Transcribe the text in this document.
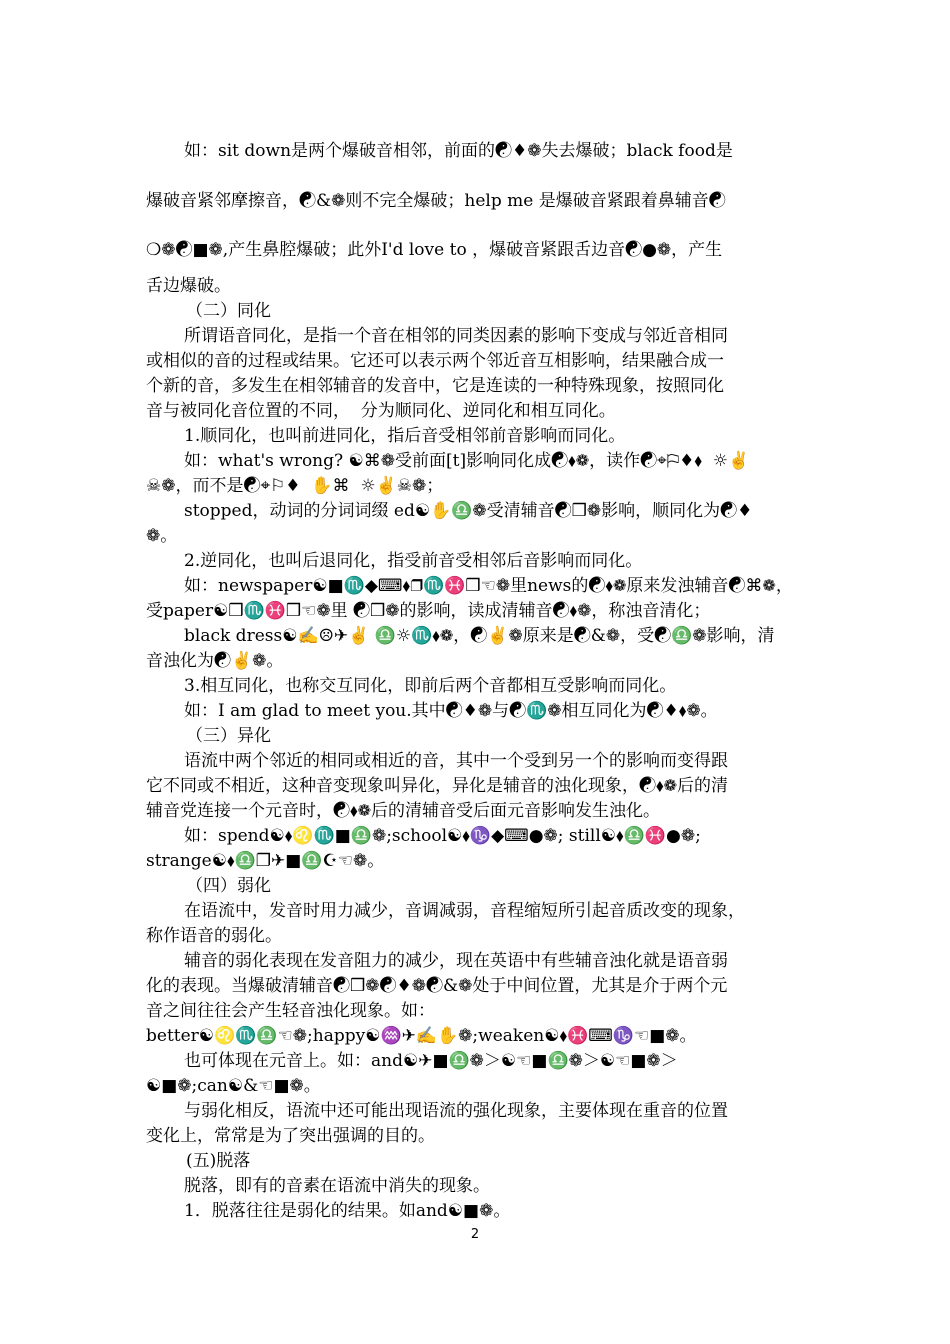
如：sit down是两个爆破音相邻，前面的☯♦❁失去爆破；black food是
爆破音紧邻摩擦音，☯&❁则不完全爆破；help me 是爆破音紧跟着鼻辅音☯
❍❁☯■❁,产生鼻腔爆破；此外I'd love to ，爆破音紧跟舌边音☯●❁，产生
舌边爆破。
（二）同化
所谓语音同化，是指一个音在相邻的同类因素的影响下变成与邻近音相同
或相似的音的过程或结果。它还可以表示两个邻近音互相影响，结果融合成一
个新的音，多发生在相邻辅音的发音中，它是连读的一种特殊现象，按照同化
音与被同化音位置的不同，  分为顺同化、逆同化和相互同化。
1.顺同化，也叫前进同化，指后音受相邻前音影响而同化。
如：what's wrong? ☯⌘❁受前面[t]影响同化成☯⬧❁，读作☯⌖⚐♦⬧  ☼✌
☠❁，而不是☯⌖⚐♦  ✋⌘  ☼✌☠❁；
stopped，动词的分词词缀 ed☯✋♎❁受清辅音☯❒❁影响，顺同化为☯♦
❁。
2.逆同化，也叫后退同化，指受前音受相邻后音影响而同化。
如：newspaper☯■♏◆⌨⬧❒♏♓❒☜❁里news的☯⬧❁原来发浊辅音☯⌘❁，
受paper☯❒♏♓❒☜❁里 ☯❒❁的影响，读成清辅音☯⬧❁，称浊音清化；
black dress☯✍☹✈✌ ♎☼♏⬧❁，☯✌❁原来是☯&❁，受☯♎❁影响，清
音浊化为☯✌❁。
3.相互同化，也称交互同化，即前后两个音都相互受影响而同化。
如：I am glad to meet you.其中☯♦❁与☯♏❁相互同化为☯♦⬧❁。
（三）异化
语流中两个邻近的相同或相近的音，其中一个受到另一个的影响而变得跟
它不同或不相近，这种音变现象叫异化，异化是辅音的浊化现象，☯⬧❁后的清
辅音党连接一个元音时，☯⬧❁后的清辅音受后面元音影响发生浊化。
如：spend☯⬧♌♏■♎❁;school☯⬧♑◆⌨●❁; still☯⬧♎♓●❁;
strange☯⬧♎❐✈■♎☪☜❁。
（四）弱化
在语流中，发音时用力减少，音调减弱，音程缩短所引起音质改变的现象，
称作语音的弱化。
辅音的弱化表现在发音阻力的减少，现在英语中有些辅音浊化就是语音弱
化的表现。当爆破清辅音☯❒❁☯♦❁☯&❁处于中间位置，尤其是介于两个元
音之间往往会产生轻音浊化现象。如：
better☯♌♏♎☜❁;happy☯♒✈✍✋❁;weaken☯⬧♓⌨♑☜■❁。
也可体现在元音上。如：and☯✈■♎❁＞☯☜■♎❁＞☯☜■❁＞
☯■❁;can☯&☜■❁。
与弱化相反，语流中还可能出现语流的强化现象，主要体现在重音的位置
变化上，常常是为了突出强调的目的。
(五)脱落
脱落，即有的音素在语流中消失的现象。
1．脱落往往是弱化的结果。如and☯■❁。
2
